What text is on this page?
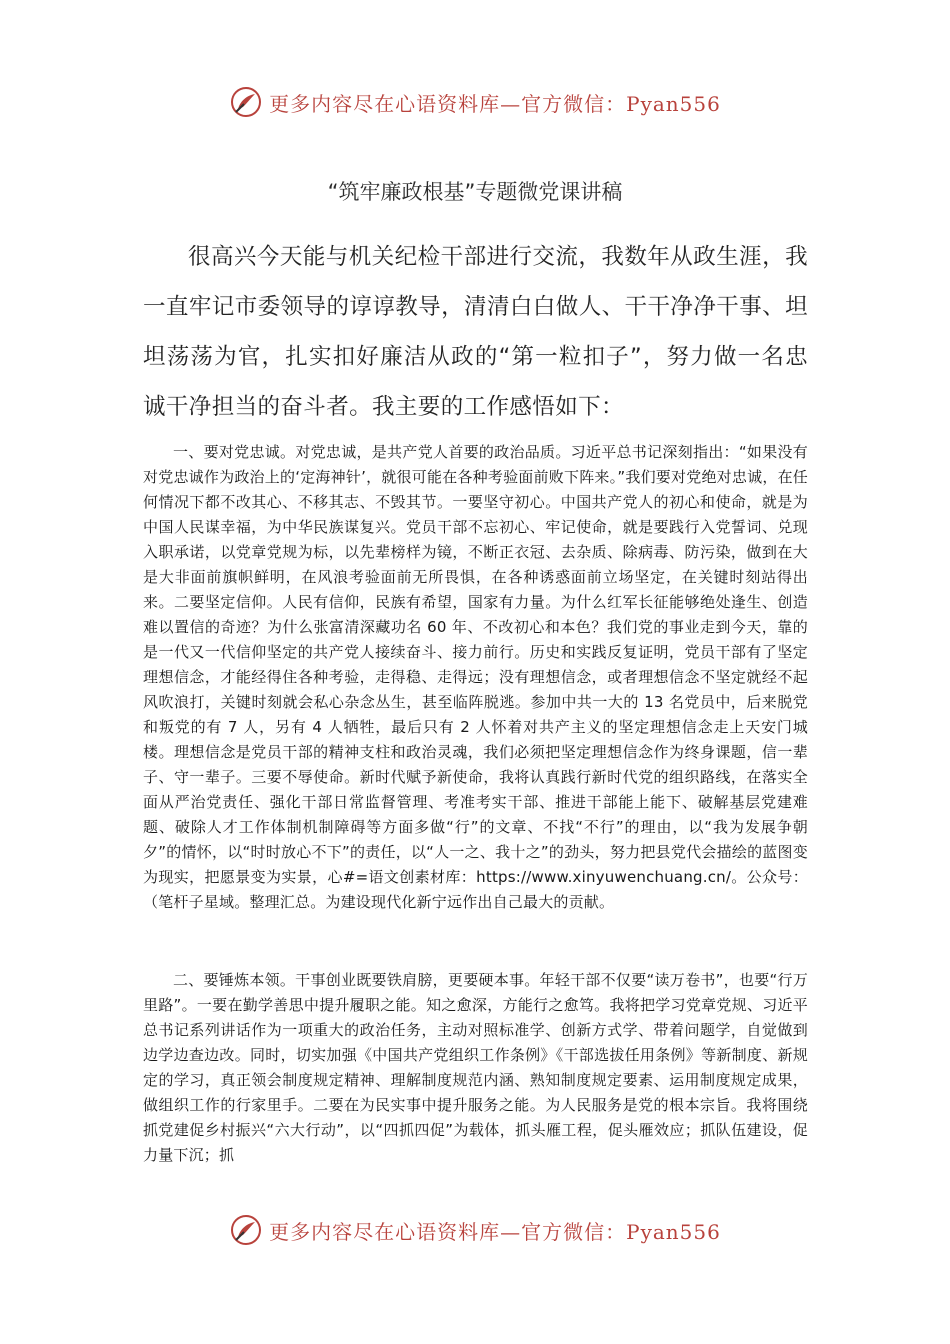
更多内容尽在心语资料库—官方微信：Pyan556
“筑牢廉政根基”专题微党课讲稿
很高兴今天能与机关纪检干部进行交流，我数年从政生涯，我一直牢记市委领导的谆谆教导，清清白白做人、干干净净干事、坦坦荡荡为官，扎实扣好廉洁从政的“第一粒扣子”，努力做一名忠诚干净担当的奋斗者。我主要的工作感悟如下：
一、要对党忠诚。对党忠诚，是共产党人首要的政治品质。习近平总书记深刻指出：“如果没有对党忠诚作为政治上的‘定海神针’，就很可能在各种考验面前败下阵来。”我们要对党绝对忠诚，在任何情况下都不改其心、不移其志、不毁其节。一要坚守初心。中国共产党人的初心和使命，就是为中国人民谋幸福，为中华民族谋复兴。党员干部不忘初心、牢记使命，就是要践行入党誓词、兑现入职承诺，以党章党规为标，以先辈榜样为镜，不断正衣冠、去杂质、除病毒、防污染，做到在大是大非面前旗帜鲜明，在风浪考验面前无所畏惧，在各种诱惑面前立场坚定，在关键时刻站得出来。二要坚定信仰。人民有信仰，民族有希望，国家有力量。为什么红军长征能够绝处逢生、创造难以置信的奇迹？为什么张富清深藏功名 60 年、不改初心和本色？我们党的事业走到今天，靠的是一代又一代信仰坚定的共产党人接续奋斗、接力前行。历史和实践反复证明，党员干部有了坚定理想信念，才能经得住各种考验，走得稳、走得远；没有理想信念，或者理想信念不坚定就经不起风吹浪打，关键时刻就会私心杂念丛生，甚至临阵脱逃。参加中共一大的 13 名党员中，后来脱党和叛党的有 7 人，另有 4 人牺牲，最后只有 2 人怀着对共产主义的坚定理想信念走上天安门城楼。理想信念是党员干部的精神支柱和政治灵魂，我们必须把坚定理想信念作为终身课题，信一辈子、守一辈子。三要不辱使命。新时代赋予新使命，我将认真践行新时代党的组织路线，在落实全面从严治党责任、强化干部日常监督管理、考准考实干部、推进干部能上能下、破解基层党建难题、破除人才工作体制机制障碍等方面多做“行”的文章、不找“不行”的理由，以“我为发展争朝夕”的情怀，以“时时放心不下”的责任，以“人一之、我十之”的劲头，努力把县党代会描绘的蓝图变为现实，把愿景变为实景，心#=语文创素材库：https://www.xinyuwenchuang.cn/。公众号：（笔杆子星域。整理汇总。为建设现代化新宁远作出自己最大的贡献。
二、要锤炼本领。干事创业既要铁肩膀，更要硬本事。年轻干部不仅要“读万卷书”，也要“行万里路”。一要在勤学善思中提升履职之能。知之愈深，方能行之愈笃。我将把学习党章党规、习近平总书记系列讲话作为一项重大的政治任务，主动对照标准学、创新方式学、带着问题学，自觉做到边学边查边改。同时，切实加强《中国共产党组织工作条例》《干部选拔任用条例》等新制度、新规定的学习，真正领会制度规定精神、理解制度规范内涵、熟知制度规定要素、运用制度规定成果，做组织工作的行家里手。二要在为民实事中提升服务之能。为人民服务是党的根本宗旨。我将围绕抓党建促乡村振兴“六大行动”，以“四抓四促”为载体，抓头雁工程，促头雁效应；抓队伍建设，促力量下沉；抓
更多内容尽在心语资料库—官方微信：Pyan556
